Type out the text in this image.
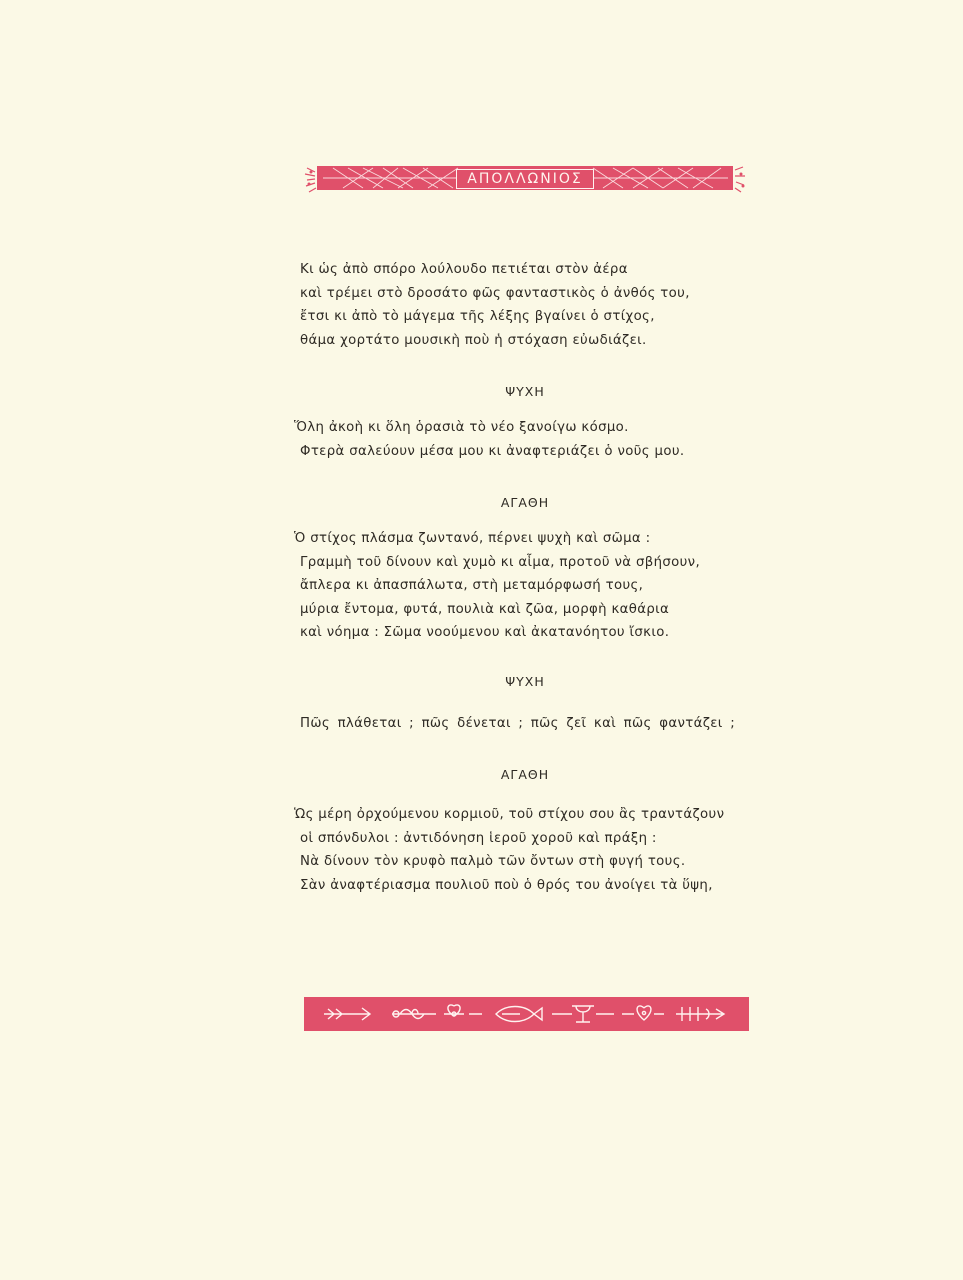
ΑΠΟΛΛΩΝΙΟΣ
Κι ὡς ἀπὸ σπόρο λούλουδο πετιέται στὸν ἀέρα
καὶ τρέμει στὸ δροσάτο φῶς φανταστικὸς ὁ ἀνθός του,
ἔτσι κι ἀπὸ τὸ μάγεμα τῆς λέξης βγαίνει ὁ στίχος,
θάμα χορτάτο μουσικὴ ποὺ ἡ στόχαση εὐωδιάζει.
ΨΥΧΗ
Ὅλη ἀκοὴ κι ὅλη ὁρασιὰ τὸ νέο ξανοίγω κόσμο.
Φτερὰ σαλεύουν μέσα μου κι ἀναφτεριάζει ὁ νοῦς μου.
ΑΓΑΘΗ
Ὁ στίχος πλάσμα ζωντανό, πέρνει ψυχὴ καὶ σῶμα :
Γραμμὴ τοῦ δίνουν καὶ χυμὸ κι αἷμα, προτοῦ νὰ σβήσουν,
ἄπλερα κι ἀπασπάλωτα, στὴ μεταμόρφωσή τους,
μύρια ἔντομα, φυτά, πουλιὰ καὶ ζῶα, μορφὴ καθάρια
καὶ νόημα : Σῶμα νοούμενου καὶ ἀκατανόητου ἴσκιο.
ΨΥΧΗ
Πῶς πλάθεται ; πῶς δένεται ; πῶς ζεῖ καὶ πῶς φαντάζει ;
ΑΓΑΘΗ
Ὡς μέρη ὀρχούμενου κορμιοῦ, τοῦ στίχου σου ἂς τραντάζουν
οἱ σπόνδυλοι : ἀντιδόνηση ἱεροῦ χοροῦ καὶ πράξη :
Νὰ δίνουν τὸν κρυφὸ παλμὸ τῶν ὄντων στὴ φυγή τους.
Σὰν ἀναφτέριασμα πουλιοῦ ποὺ ὁ θρός του ἀνοίγει τὰ ὕψη,
